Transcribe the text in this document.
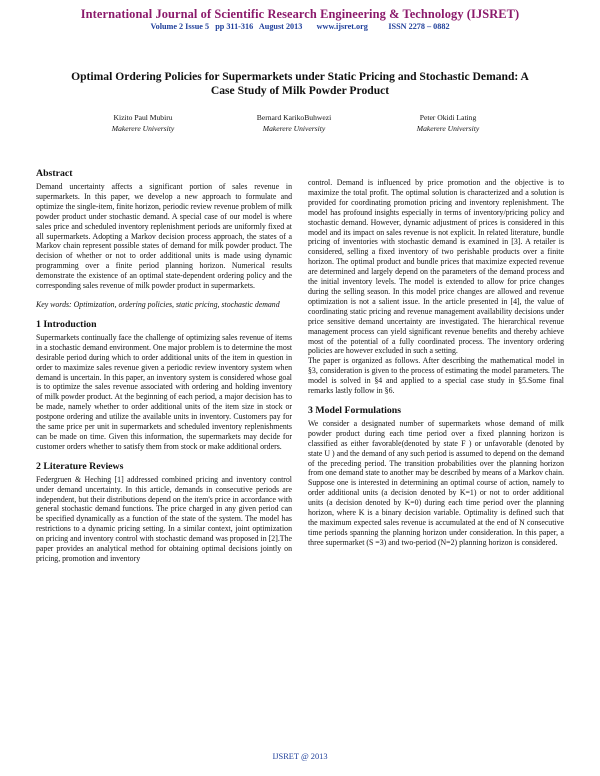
International Journal of Scientific Research Engineering & Technology (IJSRET)
Volume 2 Issue 5   pp 311-316   August 2013       www.ijsret.org          ISSN 2278 – 0882
Optimal Ordering Policies for Supermarkets under Static Pricing and Stochastic Demand: A Case Study of Milk Powder Product
Kizito Paul Mubiru
Makerere University
Bernard KarikoBuhwezi
Makerere University
Peter Okidi Lating
Makerere University
Abstract

Demand uncertainty affects a significant portion of sales revenue in supermarkets. In this paper, we develop a new approach to formulate and optimize the single-item, finite horizon, periodic review revenue problem of milk powder product under stochastic demand. A special case of our model is where sales price and scheduled inventory replenishment periods are uniformly fixed at all supermarkets. Adopting a Markov decision process approach, the states of a Markov chain represent possible states of demand for milk powder product. The decision of whether or not to order additional units is made using dynamic programming over a finite period planning horizon. Numerical results demonstrate the existence of an optimal state-dependent ordering policy and the corresponding sales revenue of milk powder product in supermarkets.

Key words: Optimization, ordering policies, static pricing, stochastic demand

1 Introduction

Supermarkets continually face the challenge of optimizing sales revenue of items in a stochastic demand environment. One major problem is to determine the most desirable period during which to order additional units of the item in question in order to maximize sales revenue given a periodic review inventory system when demand is uncertain. In this paper, an inventory system is considered whose goal is to optimize the sales revenue associated with ordering and holding inventory of milk powder product. At the beginning of each period, a major decision has to be made, namely whether to order additional units of the item size in stock or postpone ordering and utilize the available units in inventory. Customers pay for the same price per unit in supermarkets and scheduled inventory replenishments can be made on time. Given this information, the supermarkets may decide for customer orders whether to satisfy them from stock or make additional orders.

2 Literature Reviews

Federgruen & Heching [1] addressed combined pricing and inventory control under demand uncertainty. In this article, demands in consecutive periods are independent, but their distributions depend on the item's price in accordance with general stochastic demand functions. The price charged in any given period can be specified dynamically as a function of the state of the system. The model has restrictions to a dynamic pricing setting. In a similar context, joint optimization on pricing and inventory control with stochastic demand was proposed in [2].The paper provides an analytical method for obtaining optimal decisions jointly on pricing, promotion and inventory

control. Demand is influenced by price promotion and the objective is to maximize the total profit. The optimal solution is characterized and a solution is provided for coordinating promotion pricing and inventory replenishment. The model has profound insights especially in terms of inventory/pricing policy and stochastic demand. However, dynamic adjustment of prices is considered in this model and its impact on sales revenue is not explicit. In related literature, bundle pricing of inventories with stochastic demand is examined in [3]. A retailer is considered, selling a fixed inventory of two perishable products over a finite horizon. The optimal product and bundle prices that maximize expected revenue are determined and largely depend on the parameters of the demand process and the initial inventory levels. The model is extended to allow for price changes during the selling season. In this model price changes are allowed and revenue optimization is not a salient issue. In the article presented in [4], the value of coordinating static pricing and revenue management availability decisions under price sensitive demand uncertainty are investigated. The hierarchical revenue management process can yield significant revenue benefits and thereby achieve most of the potential of a fully coordinated process. The inventory ordering policies are however excluded in such a setting.

The paper is organized as follows. After describing the mathematical model in §3, consideration is given to the process of estimating the model parameters. The model is solved in §4 and applied to a special case study in §5.Some final remarks lastly follow in §6.

3 Model Formulations

We consider a designated number of supermarkets whose demand of milk powder product during each time period over a fixed planning horizon is classified as either favorable(denoted by state F ) or unfavorable (denoted by state U ) and the demand of any such period is assumed to depend on the demand of the preceding period. The transition probabilities over the planning horizon from one demand state to another may be described by means of a Markov chain. Suppose one is interested in determining an optimal course of action, namely to order additional units (a decision denoted by K=1) or not to order additional units (a decision denoted by K=0) during each time period over the planning horizon, where K is a binary decision variable. Optimality is defined such that the maximum expected sales revenue is accumulated at the end of N consecutive time periods spanning the planning horizon under consideration. In this paper, a three supermarket (S =3) and two-period (N=2) planning horizon is considered.

IJSRET @ 2013
